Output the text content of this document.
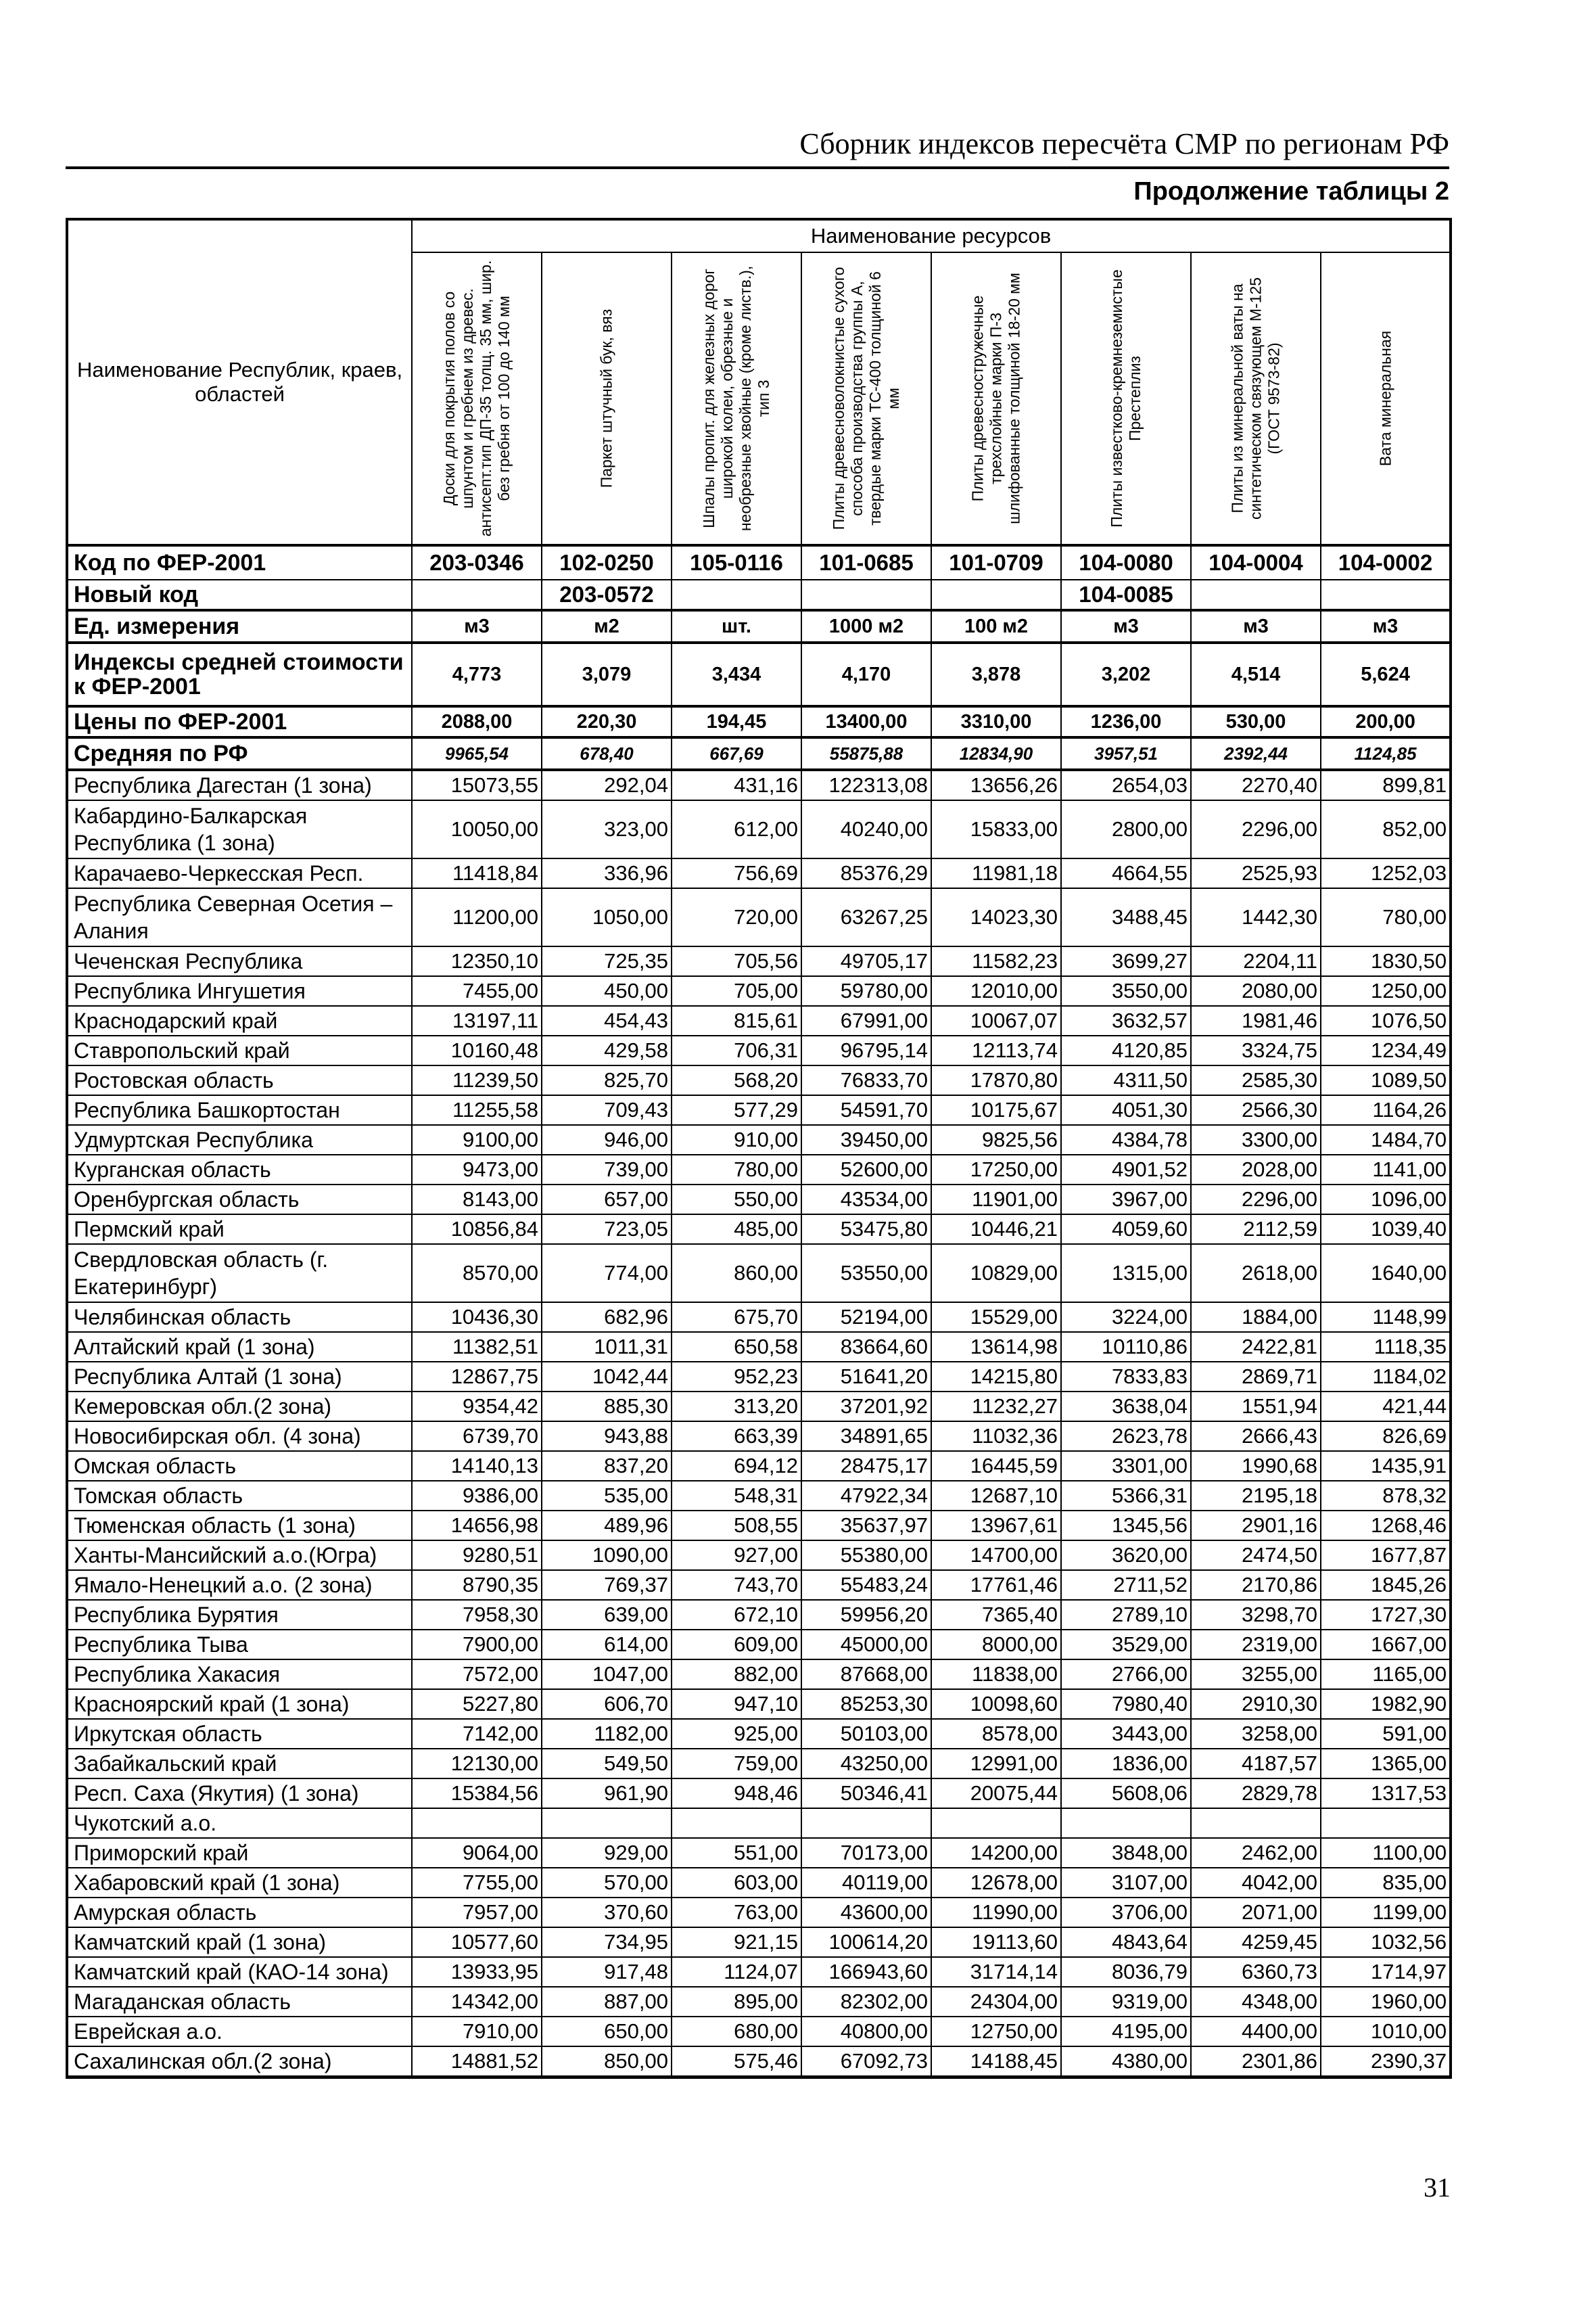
Сборник индексов пересчёта СМР по регионам РФ
Продолжение таблицы 2
Наименование Республик, краев, областей	Наименование ресурсов							

	Доски для покрытия полов со шпунтом и гребнем из древес. антисепт.тип ДП-35 толщ. 35 мм, шир. без гребня от 100 до 140 мм	Паркет штучный бук, вяз	Шпалы пропит. для железных дорог широкой колеи, обрезные и необрезные хвойные (кроме листв.), тип 3	Плиты древесноволокнистые сухого способа производства группы А, твердые марки ТС-400 толщиной 6 мм	Плиты древесностружечные трехслойные марки П-3 шлифованные толщиной 18-20 мм	Плиты известково-кремнеземистые Престеплиз	Плиты из минеральной ваты на синтетическом связующем М-125 (ГОСТ 9573-82)	Вата минеральная

Код по ФЕР-2001	203-0346	102-0250	105-0116	101-0685	101-0709	104-0080	104-0004	104-0002
Новый код		203-0572				104-0085		
Ед. измерения	м3	м2	шт.	1000 м2	100 м2	м3	м3	м3
Индексы средней стоимости к ФЕР-2001	4,773	3,079	3,434	4,170	3,878	3,202	4,514	5,624
Цены по ФЕР-2001	2088,00	220,30	194,45	13400,00	3310,00	1236,00	530,00	200,00
Средняя по РФ	9965,54	678,40	667,69	55875,88	12834,90	3957,51	2392,44	1124,85
Республика Дагестан (1 зона)	15073,55	292,04	431,16	122313,08	13656,26	2654,03	2270,40	899,81
Кабардино-Балкарская Республика (1 зона)	10050,00	323,00	612,00	40240,00	15833,00	2800,00	2296,00	852,00
Карачаево-Черкесская Респ.	11418,84	336,96	756,69	85376,29	11981,18	4664,55	2525,93	1252,03
Республика Северная Осетия – Алания	11200,00	1050,00	720,00	63267,25	14023,30	3488,45	1442,30	780,00
Чеченская Республика	12350,10	725,35	705,56	49705,17	11582,23	3699,27	2204,11	1830,50
Республика Ингушетия	7455,00	450,00	705,00	59780,00	12010,00	3550,00	2080,00	1250,00
Краснодарский край	13197,11	454,43	815,61	67991,00	10067,07	3632,57	1981,46	1076,50
Ставропольский край	10160,48	429,58	706,31	96795,14	12113,74	4120,85	3324,75	1234,49
Ростовская область	11239,50	825,70	568,20	76833,70	17870,80	4311,50	2585,30	1089,50
Республика Башкортостан	11255,58	709,43	577,29	54591,70	10175,67	4051,30	2566,30	1164,26
Удмуртская Республика	9100,00	946,00	910,00	39450,00	9825,56	4384,78	3300,00	1484,70
Курганская область	9473,00	739,00	780,00	52600,00	17250,00	4901,52	2028,00	1141,00
Оренбургская область	8143,00	657,00	550,00	43534,00	11901,00	3967,00	2296,00	1096,00
Пермский край	10856,84	723,05	485,00	53475,80	10446,21	4059,60	2112,59	1039,40
Свердловская область (г. Екатеринбург)	8570,00	774,00	860,00	53550,00	10829,00	1315,00	2618,00	1640,00
Челябинская область	10436,30	682,96	675,70	52194,00	15529,00	3224,00	1884,00	1148,99
Алтайский край (1 зона)	11382,51	1011,31	650,58	83664,60	13614,98	10110,86	2422,81	1118,35
Республика Алтай (1 зона)	12867,75	1042,44	952,23	51641,20	14215,80	7833,83	2869,71	1184,02
Кемеровская обл.(2 зона)	9354,42	885,30	313,20	37201,92	11232,27	3638,04	1551,94	421,44
Новосибирская обл. (4 зона)	6739,70	943,88	663,39	34891,65	11032,36	2623,78	2666,43	826,69
Омская область	14140,13	837,20	694,12	28475,17	16445,59	3301,00	1990,68	1435,91
Томская область	9386,00	535,00	548,31	47922,34	12687,10	5366,31	2195,18	878,32
Тюменская область (1 зона)	14656,98	489,96	508,55	35637,97	13967,61	1345,56	2901,16	1268,46
Ханты-Мансийский а.о.(Югра)	9280,51	1090,00	927,00	55380,00	14700,00	3620,00	2474,50	1677,87
Ямало-Ненецкий а.о. (2 зона)	8790,35	769,37	743,70	55483,24	17761,46	2711,52	2170,86	1845,26
Республика Бурятия	7958,30	639,00	672,10	59956,20	7365,40	2789,10	3298,70	1727,30
Республика Тыва	7900,00	614,00	609,00	45000,00	8000,00	3529,00	2319,00	1667,00
Республика Хакасия	7572,00	1047,00	882,00	87668,00	11838,00	2766,00	3255,00	1165,00
Красноярский край (1 зона)	5227,80	606,70	947,10	85253,30	10098,60	7980,40	2910,30	1982,90
Иркутская область	7142,00	1182,00	925,00	50103,00	8578,00	3443,00	3258,00	591,00
Забайкальский край	12130,00	549,50	759,00	43250,00	12991,00	1836,00	4187,57	1365,00
Респ. Саха (Якутия) (1 зона)	15384,56	961,90	948,46	50346,41	20075,44	5608,06	2829,78	1317,53
Чукотский а.о.								
Приморский край	9064,00	929,00	551,00	70173,00	14200,00	3848,00	2462,00	1100,00
Хабаровский край (1 зона)	7755,00	570,00	603,00	40119,00	12678,00	3107,00	4042,00	835,00
Амурская область	7957,00	370,60	763,00	43600,00	11990,00	3706,00	2071,00	1199,00
Камчатский край (1 зона)	10577,60	734,95	921,15	100614,20	19113,60	4843,64	4259,45	1032,56
Камчатский край (КАО-14 зона)	13933,95	917,48	1124,07	166943,60	31714,14	8036,79	6360,73	1714,97
Магаданская область	14342,00	887,00	895,00	82302,00	24304,00	9319,00	4348,00	1960,00
Еврейская а.о.	7910,00	650,00	680,00	40800,00	12750,00	4195,00	4400,00	1010,00
Сахалинская обл.(2 зона)	14881,52	850,00	575,46	67092,73	14188,45	4380,00	2301,86	2390,37
31
